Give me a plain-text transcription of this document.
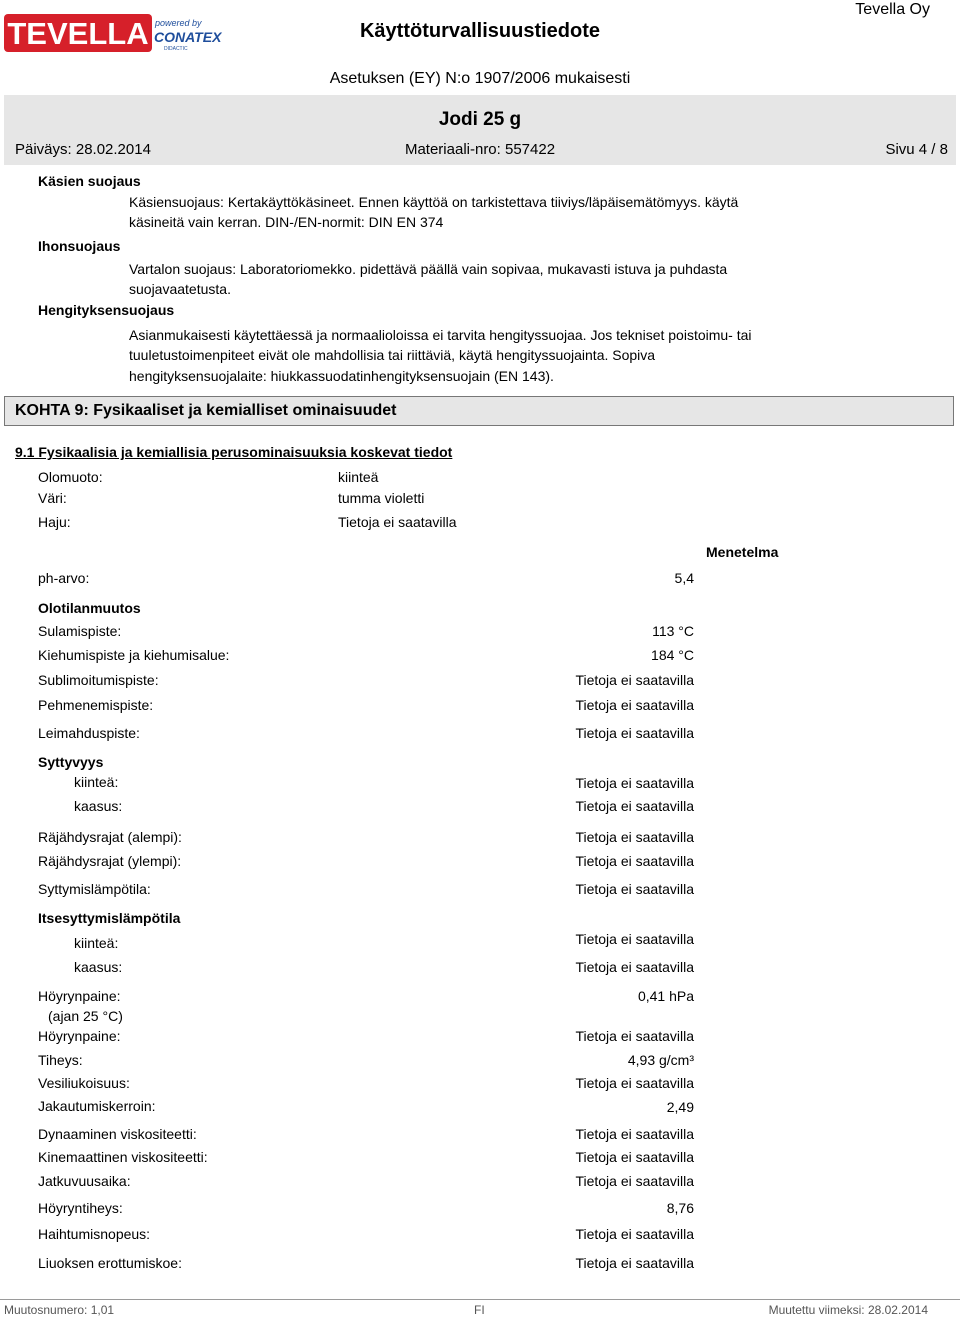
TEVELLA powered by
CONATEX
DIDACTIC
Käyttöturvallisuustiedote
Tevella Oy
Asetuksen (EY) N:o 1907/2006 mukaisesti
Jodi 25 g
Päiväys: 28.02.2014	Materiaali-nro: 557422	Sivu 4 / 8
Käsien suojaus
Käsiensuojaus: Kertakäyttökäsineet. Ennen käyttöä on tarkistettava tiiviys/läpäisemätömyys. käytä
käsineitä vain kerran. DIN-/EN-normit: DIN EN 374
Ihonsuojaus
Vartalon suojaus: Laboratoriomekko. pidettävä päällä vain sopivaa, mukavasti istuva ja puhdasta
suojavaatetusta.
Hengityksensuojaus
Asianmukaisesti käytettäessä ja normaalioloissa ei tarvita hengityssuojaa. Jos tekniset poistoimu- tai
tuuletustoimenpiteet eivät ole mahdollisia tai riittäviä, käytä hengityssuojainta. Sopiva
hengityksensuojalaite: hiukkassuodatinhengityksensuojain (EN 143).
KOHTA 9: Fysikaaliset ja kemialliset ominaisuudet
9.1 Fysikaalisia ja kemiallisia perusominaisuuksia koskevat tiedot
Olomuoto:	kiinteä
Väri:	tumma violetti
Haju:	Tietoja ei saatavilla
Menetelma
ph-arvo:	5,4
Olotilanmuutos
Sulamispiste:	113 °C
Kiehumispiste ja kiehumisalue:	184 °C
Sublimoitumispiste:	Tietoja ei saatavilla
Pehmenemispiste:	Tietoja ei saatavilla
Leimahduspiste:	Tietoja ei saatavilla
Syttyvyys
kiinteä:	Tietoja ei saatavilla
kaasus:	Tietoja ei saatavilla
Räjähdysrajat (alempi):	Tietoja ei saatavilla
Räjähdysrajat (ylempi):	Tietoja ei saatavilla
Syttymislämpötila:	Tietoja ei saatavilla
Itsesyttymislämpötila
kiinteä:	Tietoja ei saatavilla
kaasus:	Tietoja ei saatavilla
Höyrynpaine:	0,41 hPa
(ajan 25 °C)
Höyrynpaine:	Tietoja ei saatavilla
Tiheys:	4,93 g/cm³
Vesiliukoisuus:	Tietoja ei saatavilla
Jakautumiskerroin:	2,49
Dynaaminen viskositeetti:	Tietoja ei saatavilla
Kinemaattinen viskositeetti:	Tietoja ei saatavilla
Jatkuvuusaika:	Tietoja ei saatavilla
Höyryntiheys:	8,76
Haihtumisnopeus:	Tietoja ei saatavilla
Liuoksen erottumiskoe:	Tietoja ei saatavilla
Muutosnumero: 1,01	FI	Muutettu viimeksi: 28.02.2014
